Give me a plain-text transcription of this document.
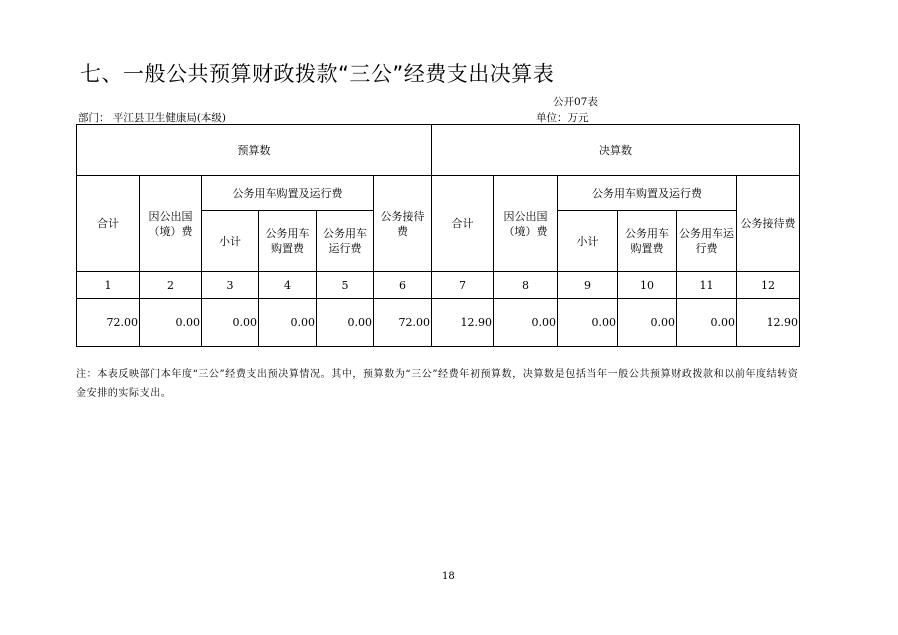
七、一般公共预算财政拨款“三公”经费支出决算表
公开07表
部门： 平江县卫生健康局(本级)	单位：万元
预算数						决算数					
合计	因公出国（境）费	公务用车购置及运行费			公务接待费	合计	因公出国（境）费	公务用车购置及运行费			公务接待费
		小计	公务用车购置费	公务用车运行费				小计	公务用车购置费	公务用车运行费	
1	2	3	4	5	6	7	8	9	10	11	12
72.00	0.00	0.00	0.00	0.00	72.00	12.90	0.00	0.00	0.00	0.00	12.90
注：本表反映部门本年度“三公”经费支出预决算情况。其中，预算数为“三公”经费年初预算数，决算数是包括当年一般公共预算财政拨款和以前年度结转资金安排的实际支出。
18
